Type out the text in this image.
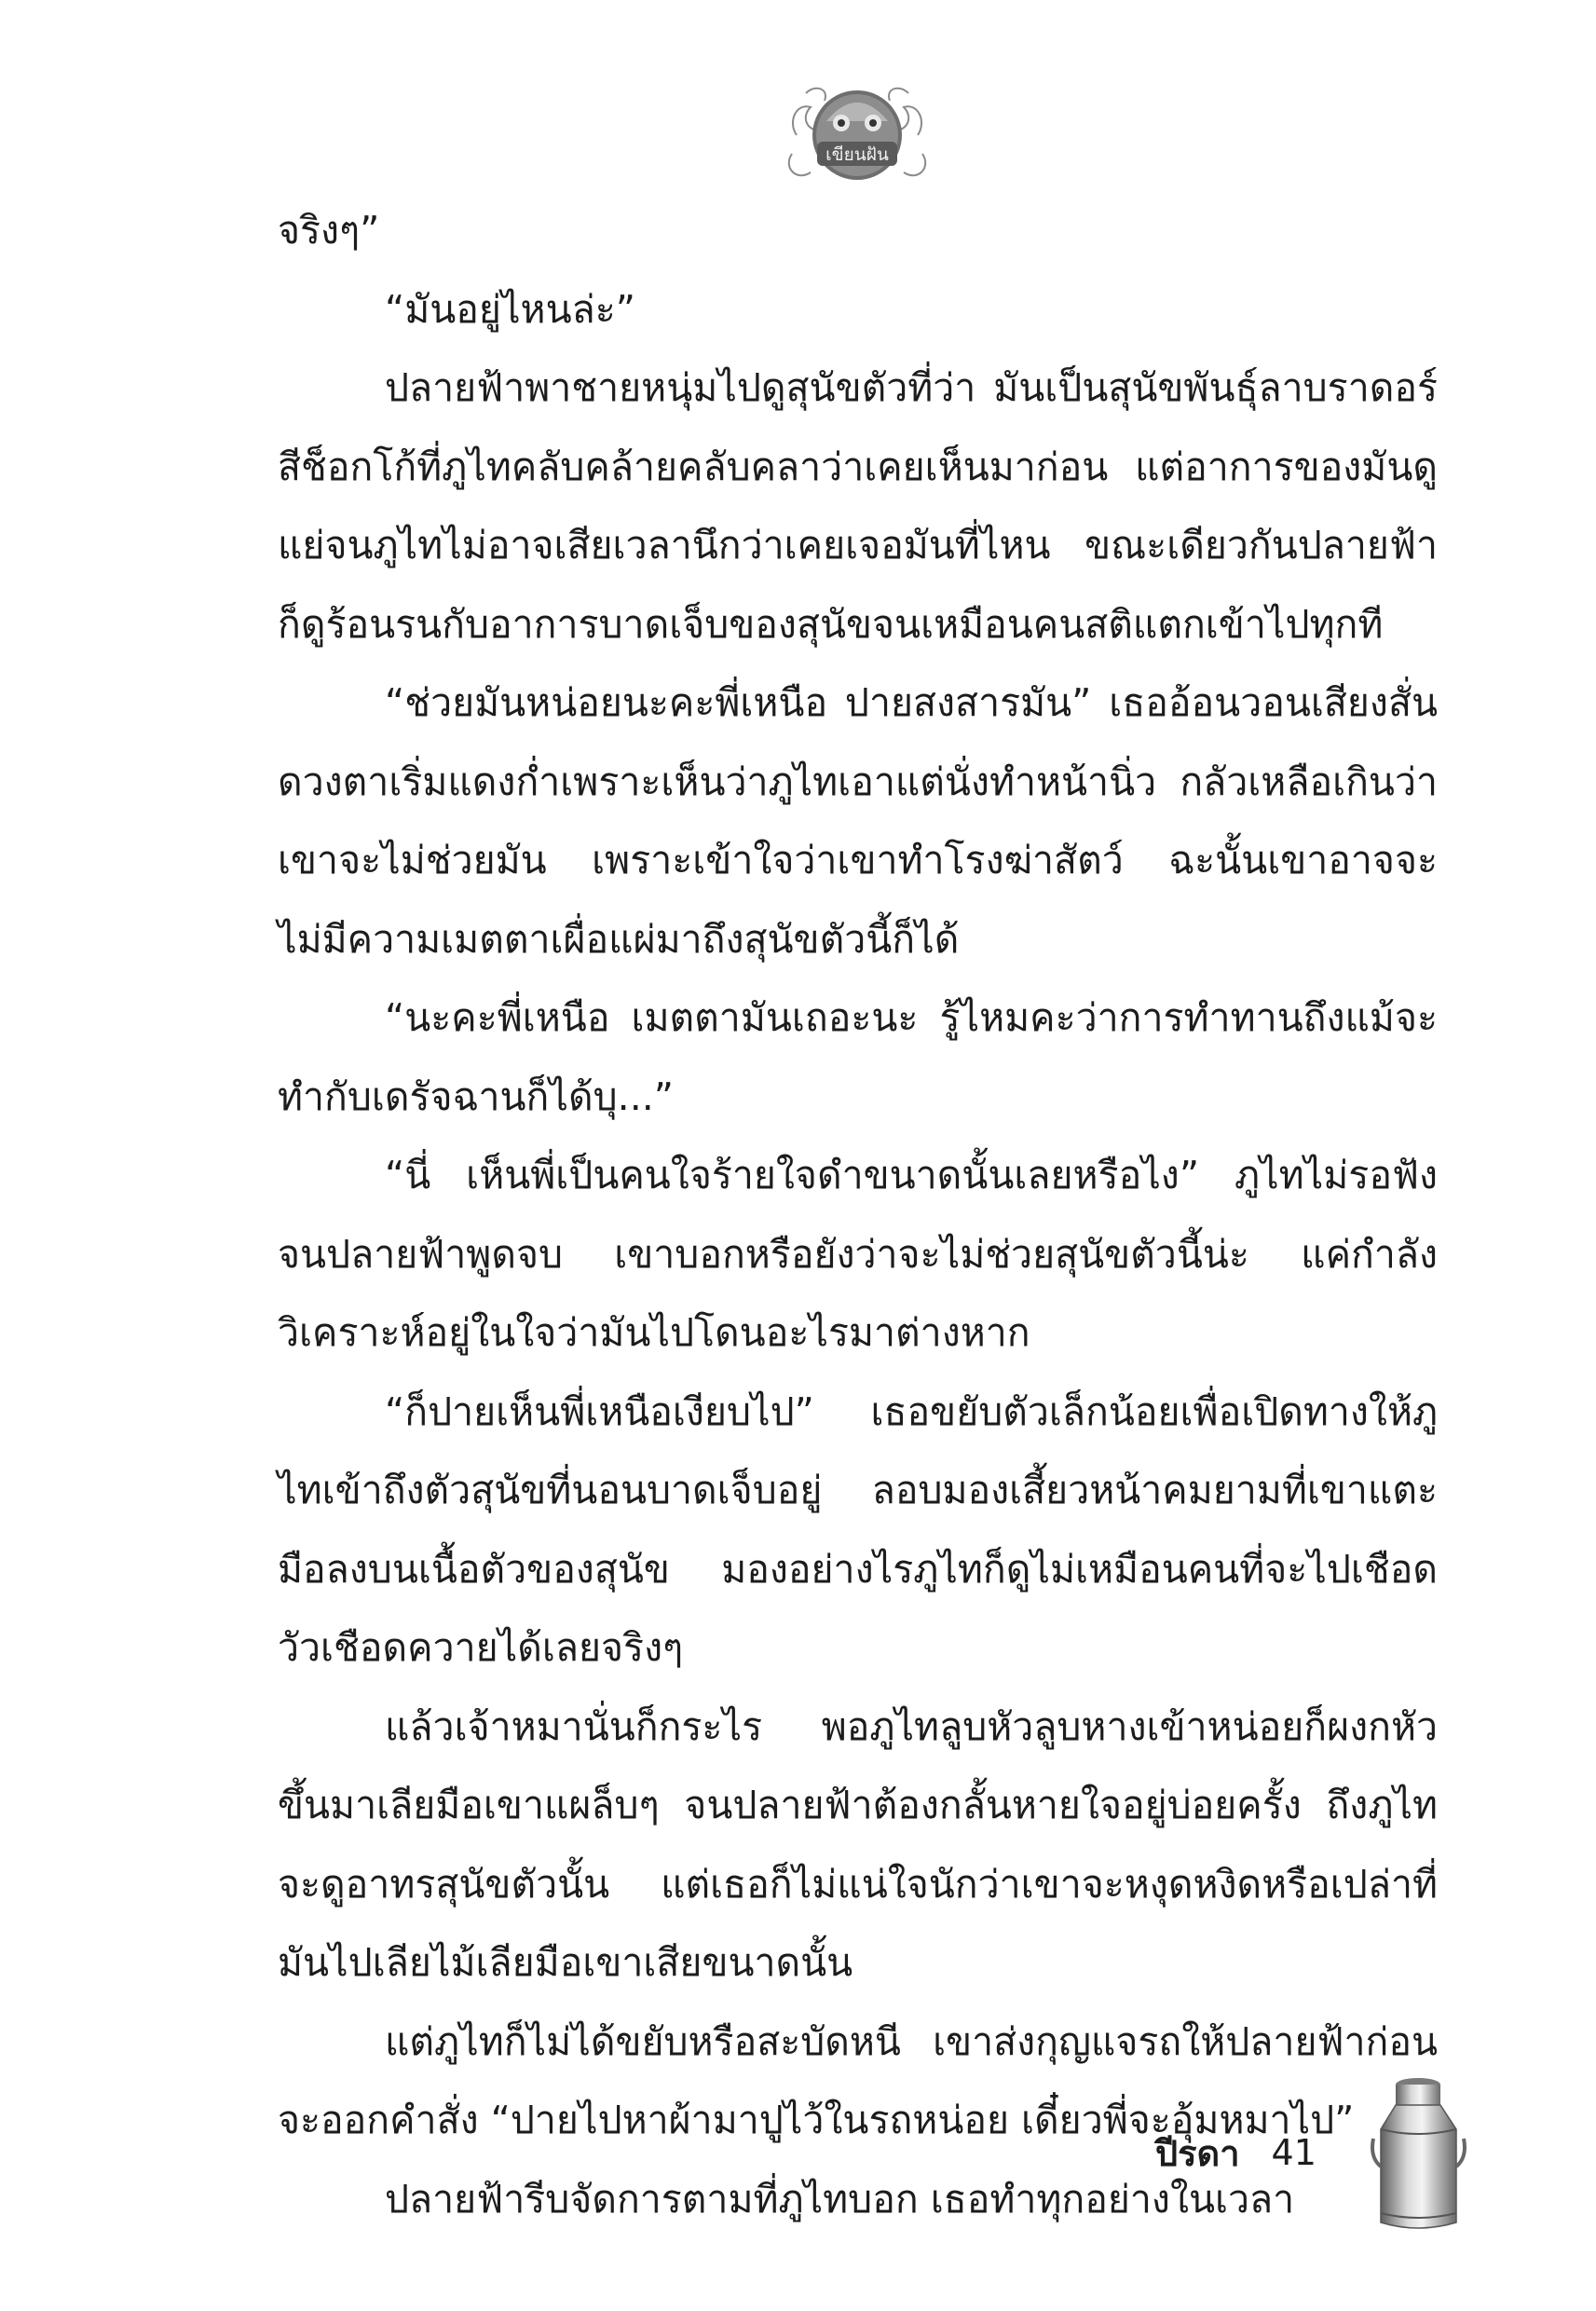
เขียนฝัน

จริงๆ”

“มันอยู่ไหนล่ะ”

ปลายฟ้าพาชายหนุ่มไปดูสุนัขตัวที่ว่า มันเป็นสุนัขพันธุ์ลาบราดอร์สีช็อกโก้ที่ภูไทคลับคล้ายคลับคลาว่าเคยเห็นมาก่อน แต่อาการของมันดูแย่จนภูไทไม่อาจเสียเวลานึกว่าเคยเจอมันที่ไหน ขณะเดียวกันปลายฟ้าก็ดูร้อนรนกับอาการบาดเจ็บของสุนัขจนเหมือนคนสติแตกเข้าไปทุกที

“ช่วยมันหน่อยนะคะพี่เหนือ ปายสงสารมัน” เธออ้อนวอนเสียงสั่นดวงตาเริ่มแดงก่ำเพราะเห็นว่าภูไทเอาแต่นั่งทำหน้านิ่ว กลัวเหลือเกินว่าเขาจะไม่ช่วยมัน เพราะเข้าใจว่าเขาทำโรงฆ่าสัตว์ ฉะนั้นเขาอาจจะไม่มีความเมตตาเผื่อแผ่มาถึงสุนัขตัวนี้ก็ได้

“นะคะพี่เหนือ เมตตามันเถอะนะ รู้ไหมคะว่าการทำทานถึงแม้จะทำกับเดรัจฉานก็ได้บุ...”

“นี่ เห็นพี่เป็นคนใจร้ายใจดำขนาดนั้นเลยหรือไง” ภูไทไม่รอฟังจนปลายฟ้าพูดจบ เขาบอกหรือยังว่าจะไม่ช่วยสุนัขตัวนี้น่ะ แค่กำลังวิเคราะห์อยู่ในใจว่ามันไปโดนอะไรมาต่างหาก

“ก็ปายเห็นพี่เหนือเงียบไป” เธอขยับตัวเล็กน้อยเพื่อเปิดทางให้ภูไทเข้าถึงตัวสุนัขที่นอนบาดเจ็บอยู่ ลอบมองเสี้ยวหน้าคมยามที่เขาแตะมือลงบนเนื้อตัวของสุนัข มองอย่างไรภูไทก็ดูไม่เหมือนคนที่จะไปเชือดวัวเชือดควายได้เลยจริงๆ

แล้วเจ้าหมานั่นก็กระไร พอภูไทลูบหัวลูบหางเข้าหน่อยก็ผงกหัวขึ้นมาเลียมือเขาแผล็บๆ จนปลายฟ้าต้องกลั้นหายใจอยู่บ่อยครั้ง ถึงภูไทจะดูอาทรสุนัขตัวนั้น แต่เธอก็ไม่แน่ใจนักว่าเขาจะหงุดหงิดหรือเปล่าที่มันไปเลียไม้เลียมือเขาเสียขนาดนั้น

แต่ภูไทก็ไม่ได้ขยับหรือสะบัดหนี เขาส่งกุญแจรถให้ปลายฟ้าก่อนจะออกคำสั่ง “ปายไปหาผ้ามาปูไว้ในรถหน่อย เดี๋ยวพี่จะอุ้มหมาไป”

ปลายฟ้ารีบจัดการตามที่ภูไทบอก เธอทำทุกอย่างในเวลา

ปีรดา 41
